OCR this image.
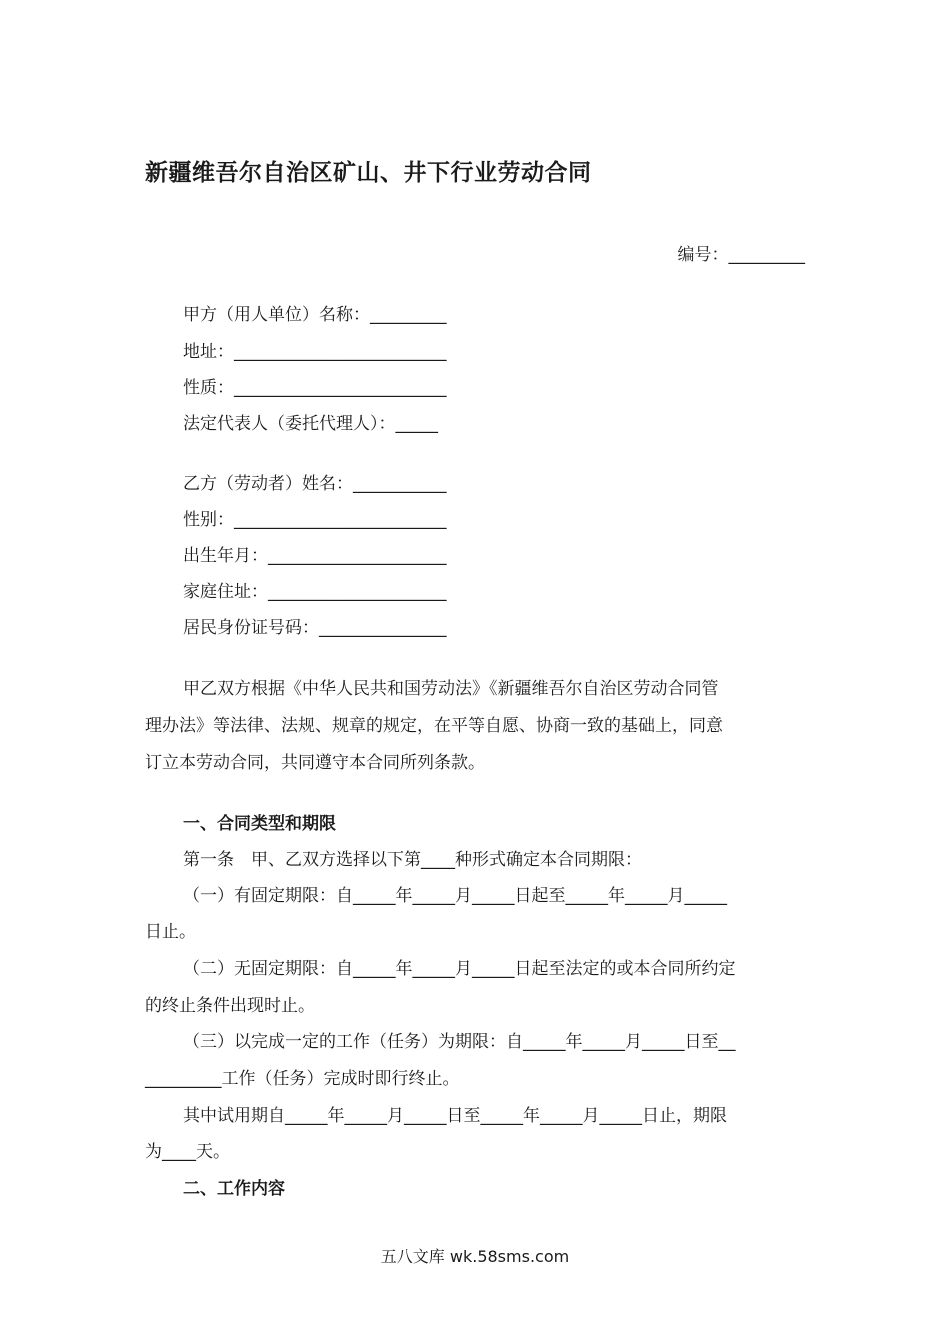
新疆维吾尔自治区矿山、井下行业劳动合同
编号：_________
甲方（用人单位）名称：_________
地址：_________________________
性质：_________________________
法定代表人（委托代理人）：_____
乙方（劳动者）姓名：___________
性别：_________________________
出生年月：_____________________
家庭住址：_____________________
居民身份证号码：_______________
甲乙双方根据《中华人民共和国劳动法》《新疆维吾尔自治区劳动合同管
理办法》等法律、法规、规章的规定，在平等自愿、协商一致的基础上，同意
订立本劳动合同，共同遵守本合同所列条款。
一、合同类型和期限
第一条　甲、乙双方选择以下第____种形式确定本合同期限：
（一）有固定期限：自_____年_____月_____日起至_____年_____月_____
日止。
（二）无固定期限：自_____年_____月_____日起至法定的或本合同所约定
的终止条件出现时止。
（三）以完成一定的工作（任务）为期限：自_____年_____月_____日至__
_________工作（任务）完成时即行终止。
其中试用期自_____年_____月_____日至_____年_____月_____日止，期限
为____天。
二、工作内容
五八文库 wk.58sms.com
